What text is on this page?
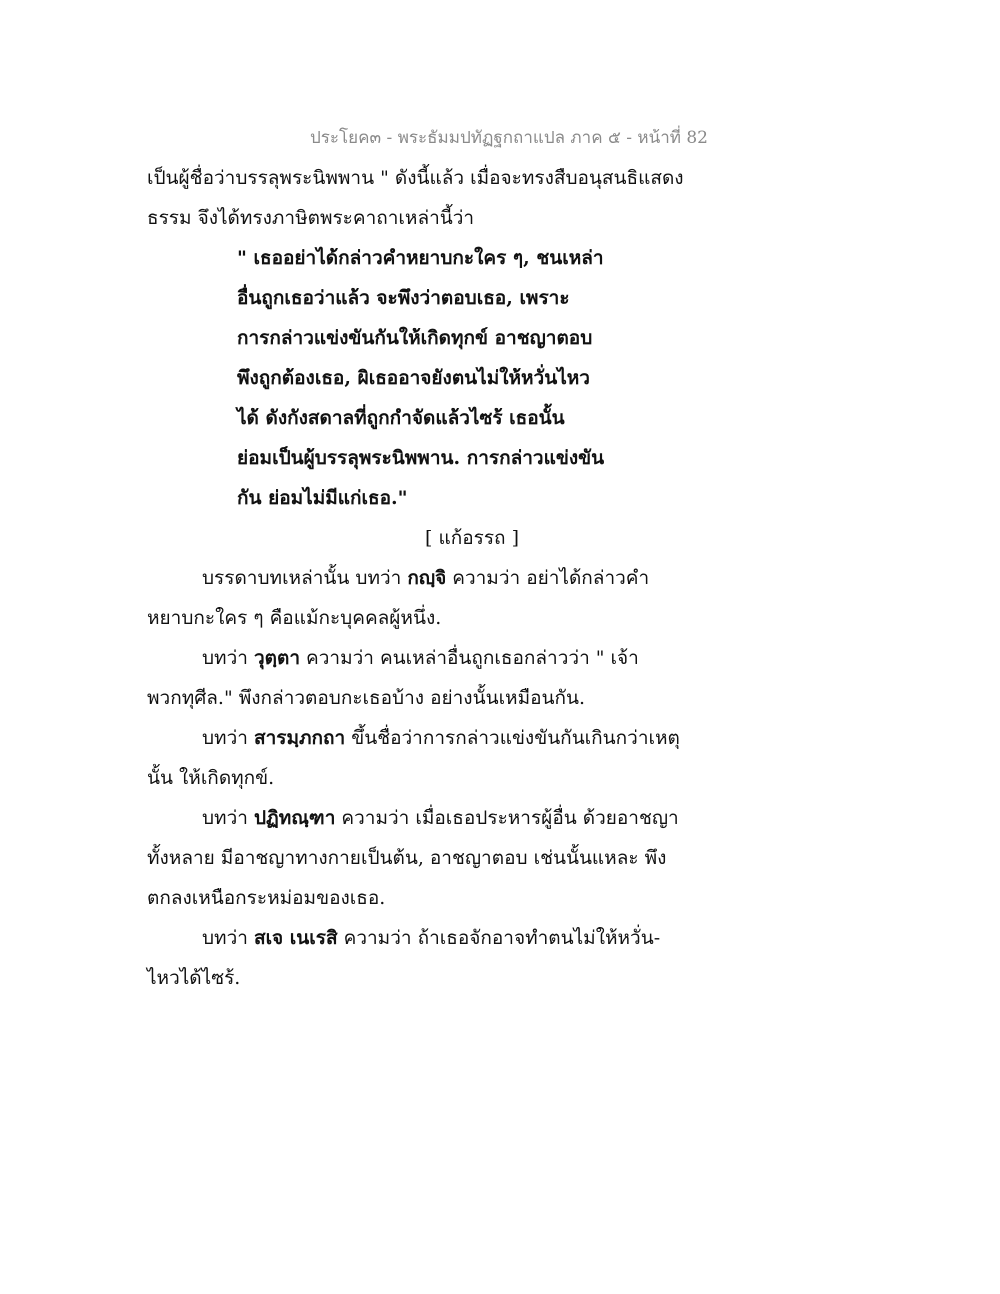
ประโยค๓ - พระธัมมปทัฏฐกถาแปล ภาค ๕ - หน้าที่ 82
เป็นผู้ชื่อว่าบรรลุพระนิพพาน " ดังนี้แล้ว เมื่อจะทรงสืบอนุสนธิแสดง
ธรรม จึงได้ทรงภาษิตพระคาถาเหล่านี้ว่า
" เธออย่าได้กล่าวคำหยาบกะใคร ๆ, ชนเหล่า
อื่นถูกเธอว่าแล้ว จะพึงว่าตอบเธอ, เพราะ
การกล่าวแข่งขันกันให้เกิดทุกข์ อาชญาตอบ
พึงถูกต้องเธอ, ผิเธออาจยังตนไม่ให้หวั่นไหว
ได้ ดังกังสดาลที่ถูกกำจัดแล้วไซร้ เธอนั้น
ย่อมเป็นผู้บรรลุพระนิพพาน. การกล่าวแข่งขัน
กัน ย่อมไม่มีแก่เธอ."
[ แก้อรรถ ]
บรรดาบทเหล่านั้น บทว่า กญฺจิ ความว่า อย่าได้กล่าวคำ
หยาบกะใคร ๆ คือแม้กะบุคคลผู้หนึ่ง.
บทว่า วุตฺตา ความว่า คนเหล่าอื่นถูกเธอกล่าวว่า " เจ้า
พวกทุศีล." พึงกล่าวตอบกะเธอบ้าง อย่างนั้นเหมือนกัน.
บทว่า สารมฺภกถา ขึ้นชื่อว่าการกล่าวแข่งขันกันเกินกว่าเหตุ
นั้น ให้เกิดทุกข์.
บทว่า ปฏิทณฺฑา ความว่า เมื่อเธอประหารผู้อื่น ด้วยอาชญา
ทั้งหลาย มีอาชญาทางกายเป็นต้น, อาชญาตอบ เช่นนั้นแหละ พึง
ตกลงเหนือกระหม่อมของเธอ.
บทว่า สเจ เนเรสิ ความว่า ถ้าเธอจักอาจทำตนไม่ให้หวั่น-
ไหวได้ไซร้.
